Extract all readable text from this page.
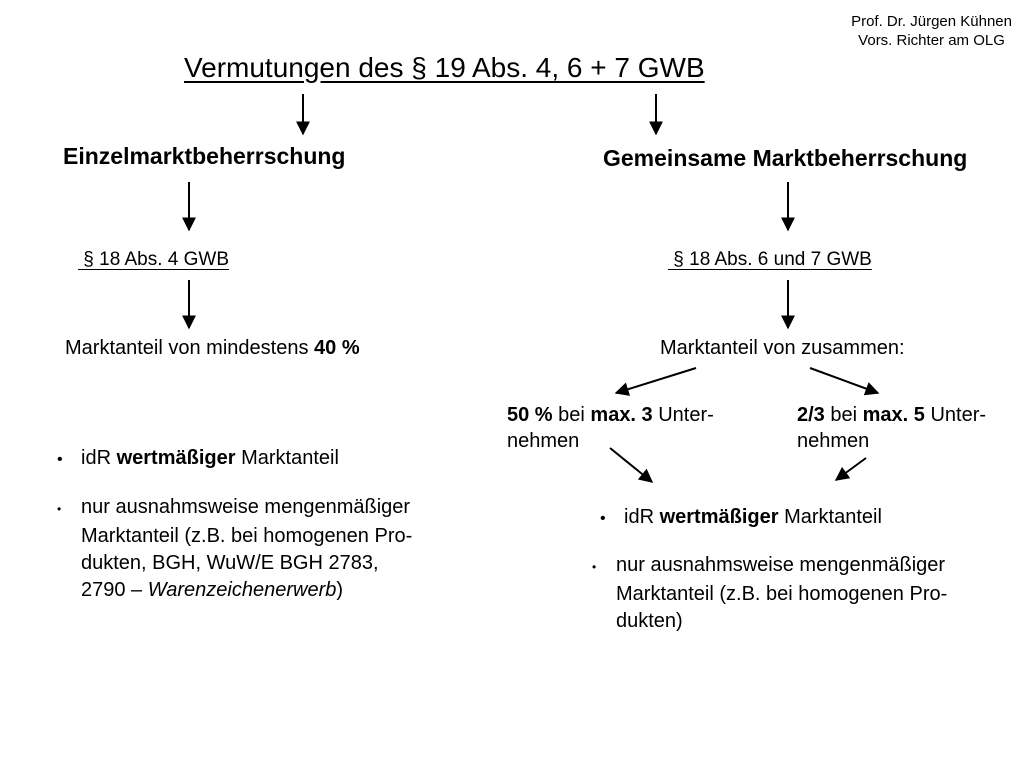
Prof. Dr. Jürgen Kühnen
Vors. Richter am OLG
Vermutungen des § 19 Abs. 4, 6 + 7 GWB
Einzelmarktbeherrschung
§ 18 Abs. 4 GWB
Marktanteil von mindestens 40 %
• idR wertmäßiger Marktanteil
• nur ausnahmsweise mengenmäßiger
Marktanteil (z.B. bei homogenen Pro-
dukten, BGH, WuW/E BGH 2783,
2790 – Warenzeichenerwerb)
Gemeinsame Marktbeherrschung
§ 18 Abs. 6 und 7 GWB
Marktanteil von zusammen:
50 % bei max. 3 Unter-
nehmen
2/3 bei max. 5 Unter-
nehmen
• idR wertmäßiger Marktanteil
• nur ausnahmsweise mengenmäßiger
Marktanteil (z.B. bei homogenen Pro-
dukten)
